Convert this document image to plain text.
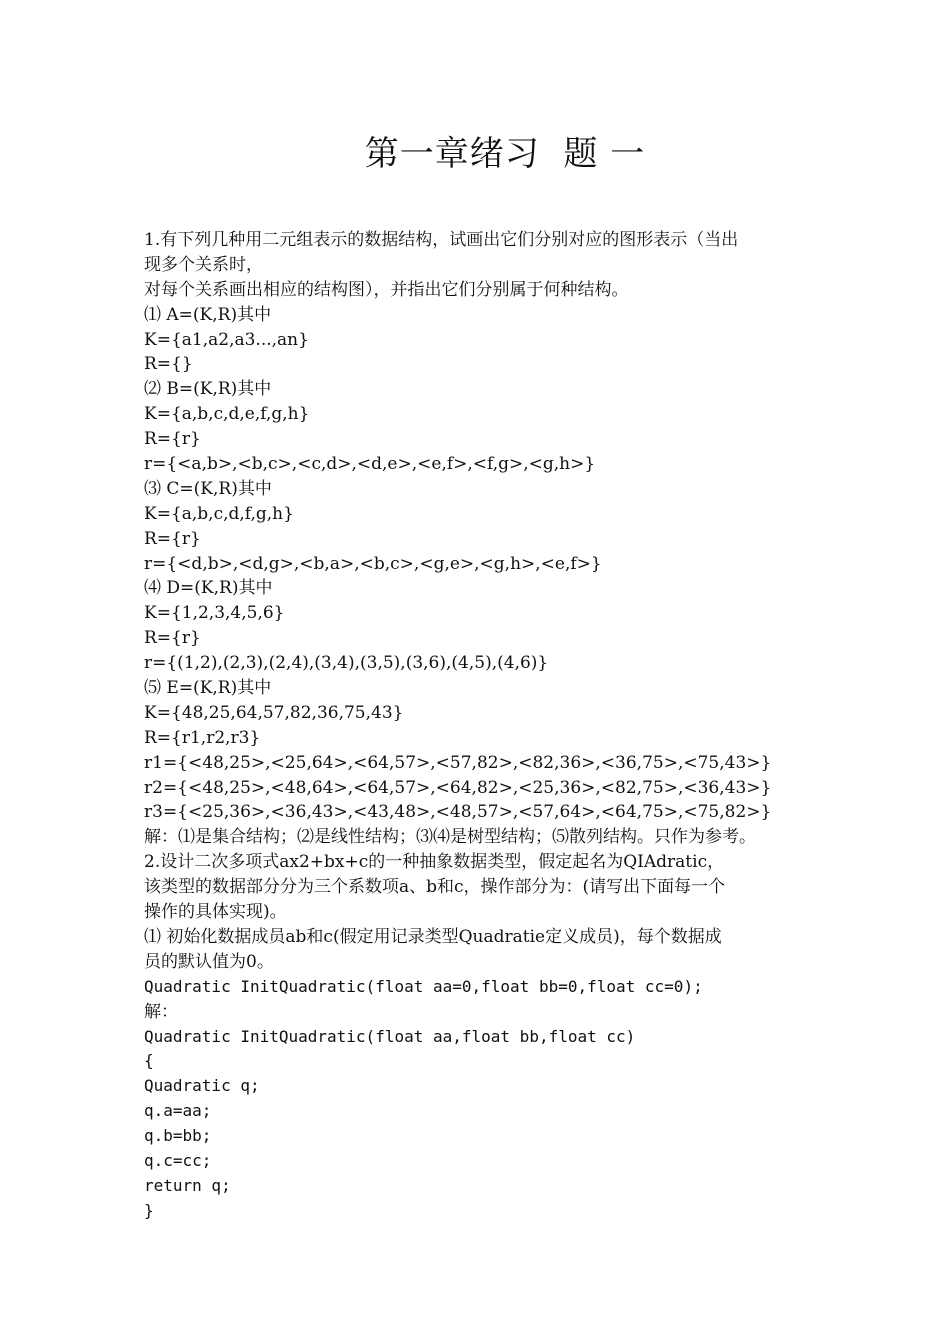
第一章绪习  题 一
1.有下列几种用二元组表示的数据结构，试画出它们分别对应的图形表示（当出
现多个关系时，
对每个关系画出相应的结构图），并指出它们分别属于何种结构。
⑴ A=(K,R)其中
K={a1,a2,a3...,an}
R={}
⑵ B=(K,R)其中
K={a,b,c,d,e,f,g,h}
R={r}
r={<a,b>,<b,c>,<c,d>,<d,e>,<e,f>,<f,g>,<g,h>}
⑶ C=(K,R)其中
K={a,b,c,d,f,g,h}
R={r}
r={<d,b>,<d,g>,<b,a>,<b,c>,<g,e>,<g,h>,<e,f>}
⑷ D=(K,R)其中
K={1,2,3,4,5,6}
R={r}
r={(1,2),(2,3),(2,4),(3,4),(3,5),(3,6),(4,5),(4,6)}
⑸ E=(K,R)其中
K={48,25,64,57,82,36,75,43}
R={r1,r2,r3}
r1={<48,25>,<25,64>,<64,57>,<57,82>,<82,36>,<36,75>,<75,43>}
r2={<48,25>,<48,64>,<64,57>,<64,82>,<25,36>,<82,75>,<36,43>}
r3={<25,36>,<36,43>,<43,48>,<48,57>,<57,64>,<64,75>,<75,82>}
解：⑴是集合结构；⑵是线性结构；⑶⑷是树型结构；⑸散列结构。只作为参考。
2.设计二次多项式ax2+bx+c的一种抽象数据类型，假定起名为QIAdratic，
该类型的数据部分分为三个系数项a、b和c，操作部分为：(请写出下面每一个
操作的具体实现)。
⑴ 初始化数据成员ab和c(假定用记录类型Quadratie定义成员)，每个数据成
员的默认值为0。
Quadratic InitQuadratic(float aa=0,float bb=0,float cc=0);
解：
Quadratic InitQuadratic(float aa,float bb,float cc)
{
Quadratic q;
q.a=aa;
q.b=bb;
q.c=cc;
return q;
}
